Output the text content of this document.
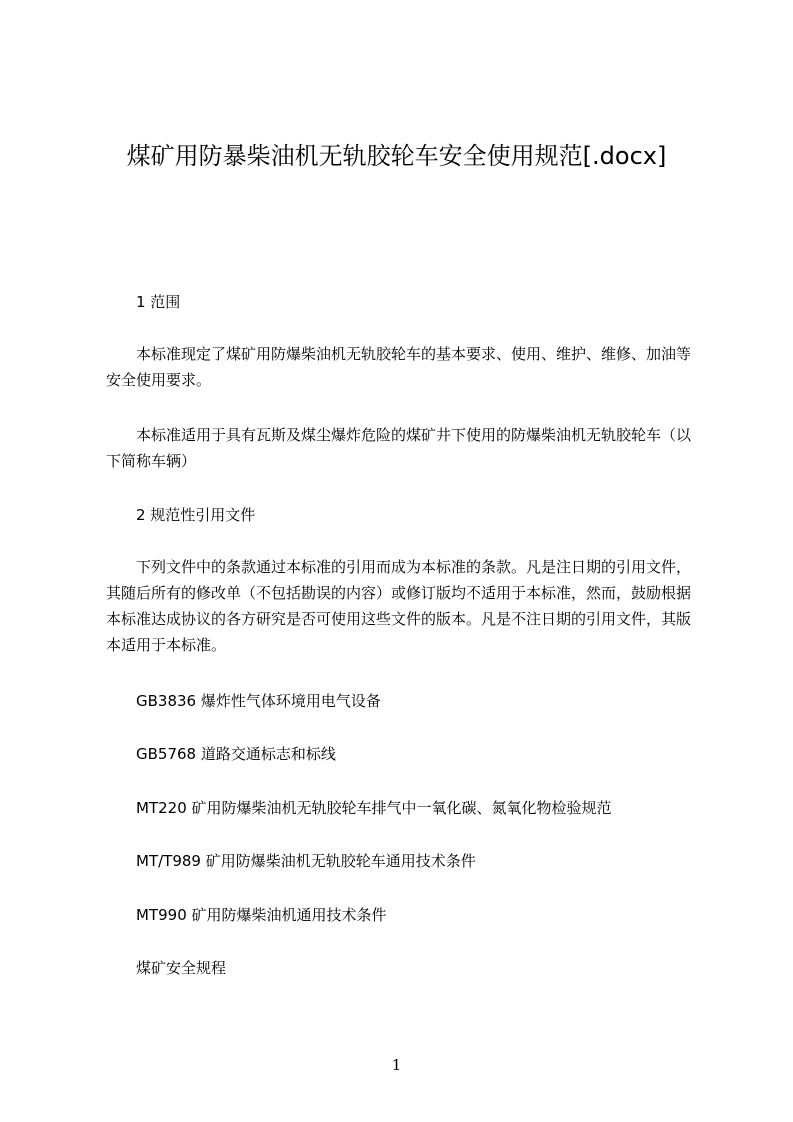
煤矿用防暴柴油机无轨胶轮车安全使用规范[.docx]

1 范围

本标准现定了煤矿用防爆柴油机无轨胶轮车的基本要求、使用、维护、维修、加油等安全使用要求。

本标准适用于具有瓦斯及煤尘爆炸危险的煤矿井下使用的防爆柴油机无轨胶轮车（以下简称车辆）

2 规范性引用文件

下列文件中的条款通过本标准的引用而成为本标准的条款。凡是注日期的引用文件，其随后所有的修改单（不包括勘误的内容）或修订版均不适用于本标准，然而，鼓励根据本标准达成协议的各方研究是否可使用这些文件的版本。凡是不注日期的引用文件，其版本适用于本标准。

GB3836 爆炸性气体环境用电气设备

GB5768 道路交通标志和标线

MT220 矿用防爆柴油机无轨胶轮车排气中一氧化碳、氮氧化物检验规范

MT/T989 矿用防爆柴油机无轨胶轮车通用技术条件

MT990 矿用防爆柴油机通用技术条件

煤矿安全规程

1
